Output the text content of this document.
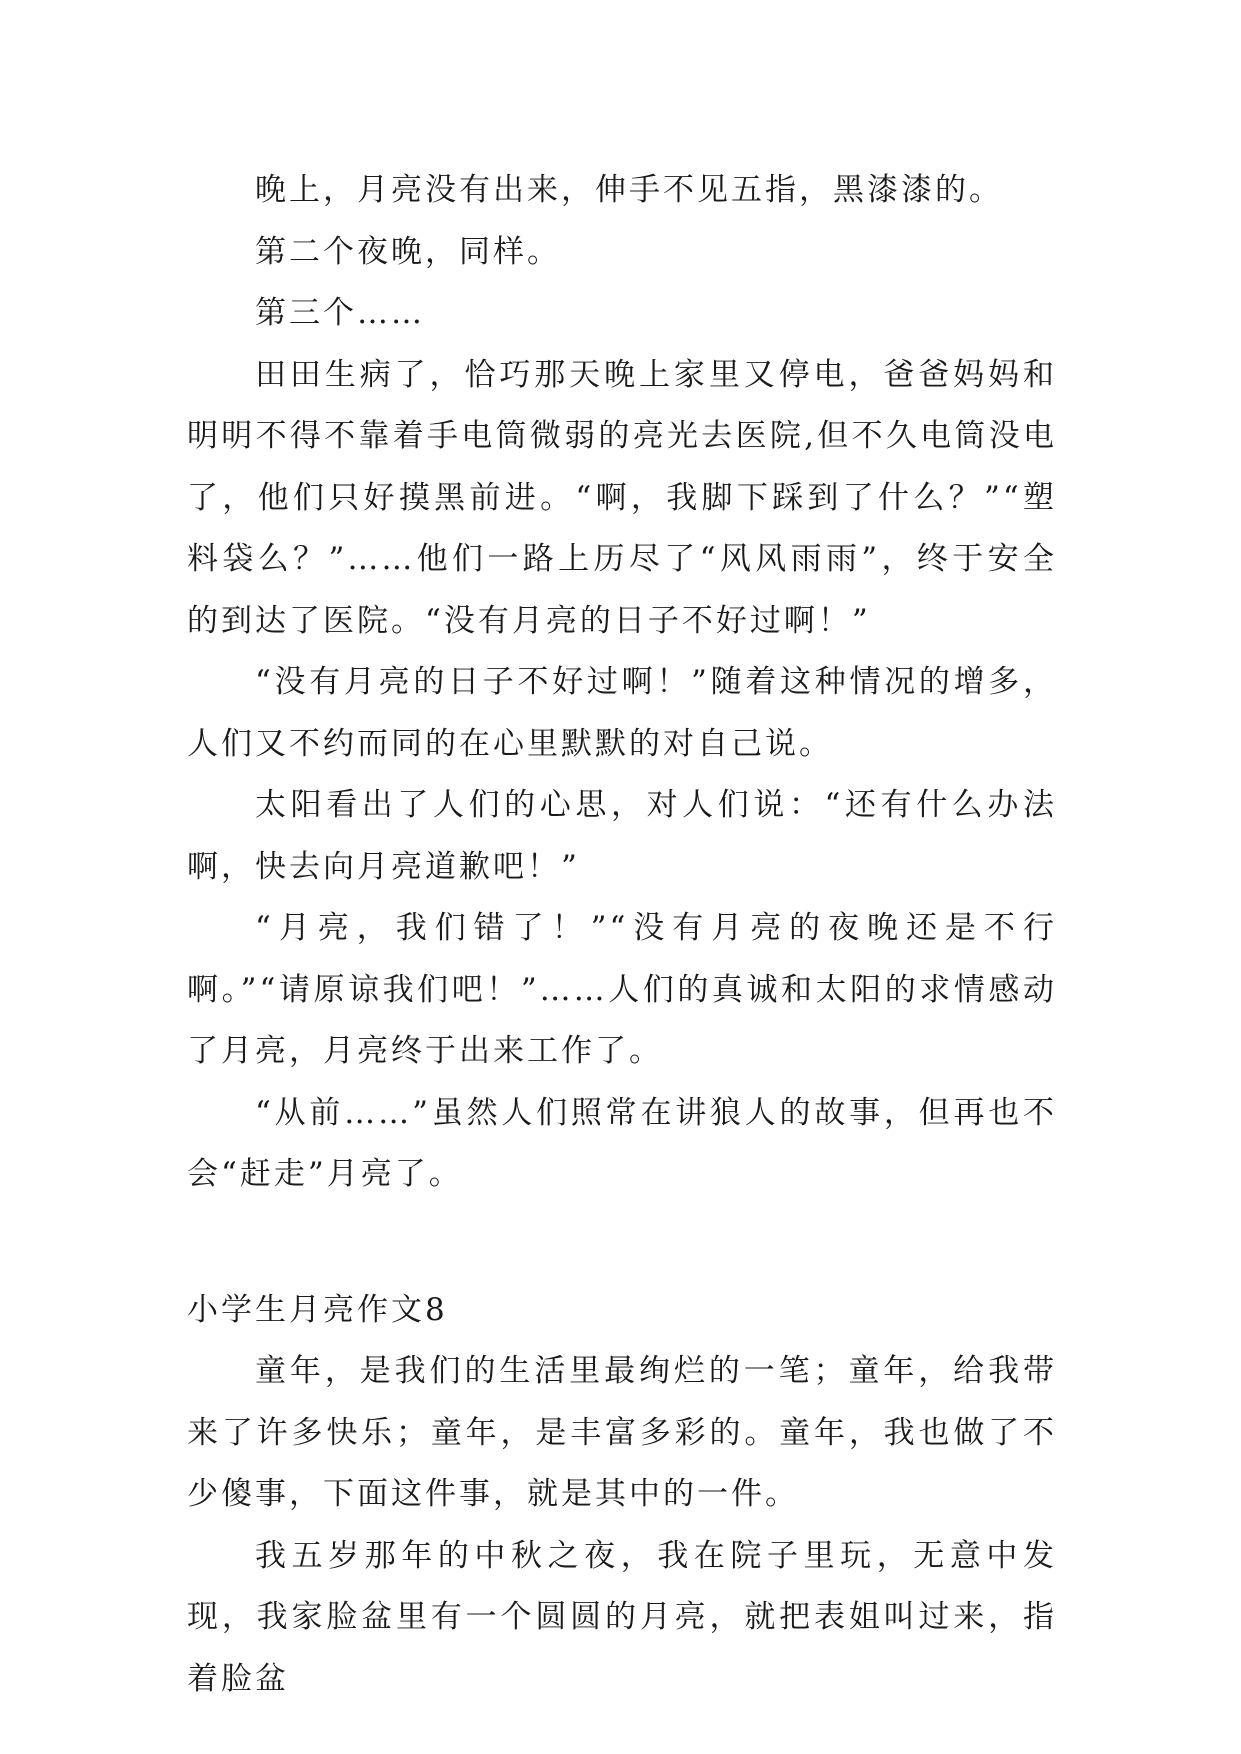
晚上，月亮没有出来，伸手不见五指，黑漆漆的。

第二个夜晚，同样。

第三个……

田田生病了，恰巧那天晚上家里又停电，爸爸妈妈和明明不得不靠着手电筒微弱的亮光去医院,但不久电筒没电了，他们只好摸黑前进。“啊，我脚下踩到了什么？”“塑料袋么？”……他们一路上历尽了“风风雨雨”，终于安全的到达了医院。“没有月亮的日子不好过啊！”

“没有月亮的日子不好过啊！”随着这种情况的增多，人们又不约而同的在心里默默的对自己说。

太阳看出了人们的心思，对人们说：“还有什么办法啊，快去向月亮道歉吧！”

“月亮，我们错了！”“没有月亮的夜晚还是不行啊。”“请原谅我们吧！”……人们的真诚和太阳的求情感动了月亮，月亮终于出来工作了。

“从前……”虽然人们照常在讲狼人的故事，但再也不会“赶走”月亮了。

小学生月亮作文8

童年，是我们的生活里最绚烂的一笔；童年，给我带来了许多快乐；童年，是丰富多彩的。童年，我也做了不少傻事，下面这件事，就是其中的一件。

我五岁那年的中秋之夜，我在院子里玩，无意中发现，我家脸盆里有一个圆圆的月亮，就把表姐叫过来，指着脸盆
